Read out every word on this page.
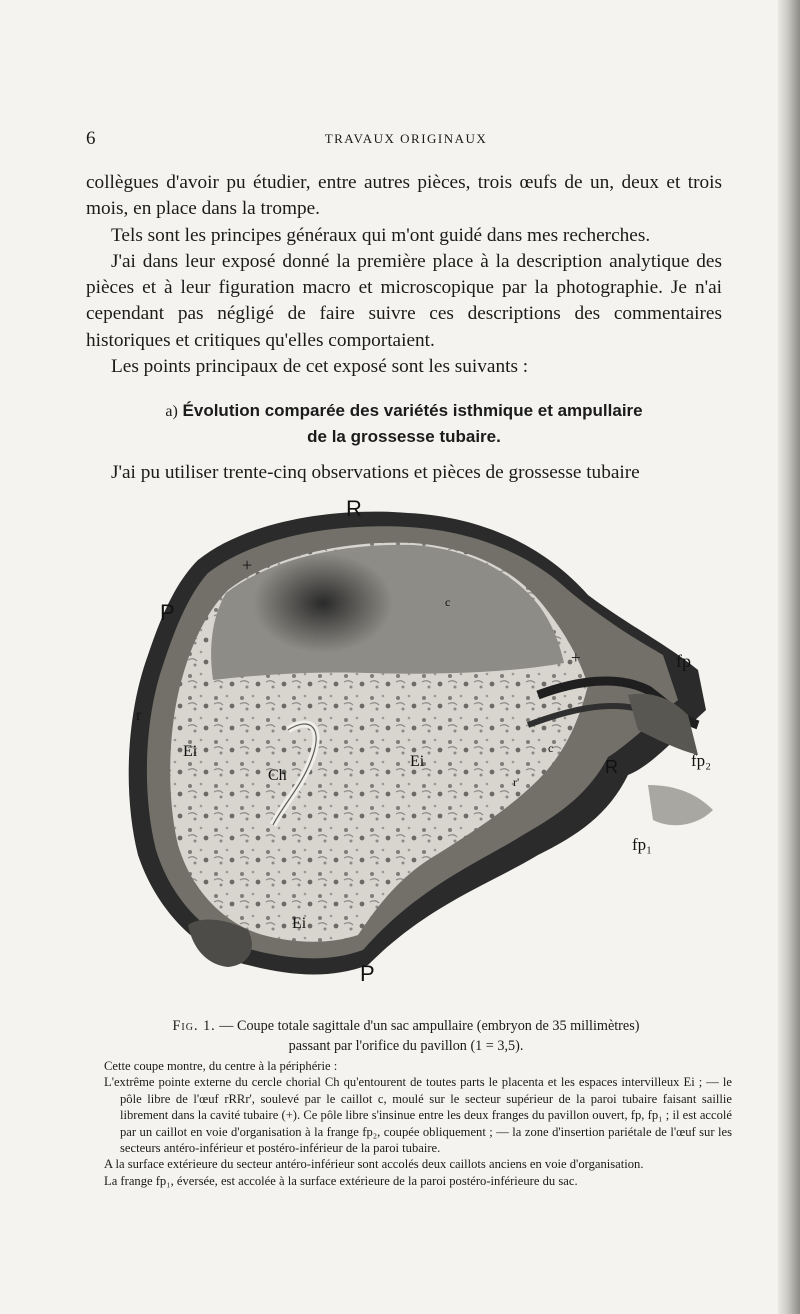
6	TRAVAUX ORIGINAUX

collègues d'avoir pu étudier, entre autres pièces, trois œufs de un, deux et trois mois, en place dans la trompe.

Tels sont les principes généraux qui m'ont guidé dans mes recherches.

J'ai dans leur exposé donné la première place à la description analytique des pièces et à leur figuration macro et microscopique par la photographie. Je n'ai cependant pas négligé de faire suivre ces descriptions des commentaires historiques et critiques qu'elles comportaient.

Les points principaux de cet exposé sont les suivants :

a) Évolution comparée des variétés isthmique et ampullaire
de la grossesse tubaire.
J'ai pu utiliser trente-cinq observations et pièces de grossesse tubaire
R
P
+
c
+	fp
r
Ei
Ch
Ei
c
R
r'
fp₂
fp₁
Ei
P
Fig. 1. — Coupe totale sagittale d'un sac ampullaire (embryon de 35 millimètres)
passant par l'orifice du pavillon (1 = 3,5).

Cette coupe montre, du centre à la périphérie :

L'extrême pointe externe du cercle chorial Ch qu'entourent de toutes parts le placenta et les espaces intervilleux Ei ; — le pôle libre de l'œuf rRRr', soulevé par le caillot c, moulé sur le secteur supérieur de la paroi tubaire faisant saillie librement dans la cavité tubaire (+). Ce pôle libre s'insinue entre les deux franges du pavillon ouvert, fp, fp₁ ; il est accolé par un caillot en voie d'organisation à la frange fp₂, coupée obliquement ; — la zone d'insertion pariétale de l'œuf sur les secteurs antéro-inférieur et postéro-inférieur de la paroi tubaire.

A la surface extérieure du secteur antéro-inférieur sont accolés deux caillots anciens en voie d'organisation.

La frange fp₁, éversée, est accolée à la surface extérieure de la paroi postéro-inférieure du sac.
